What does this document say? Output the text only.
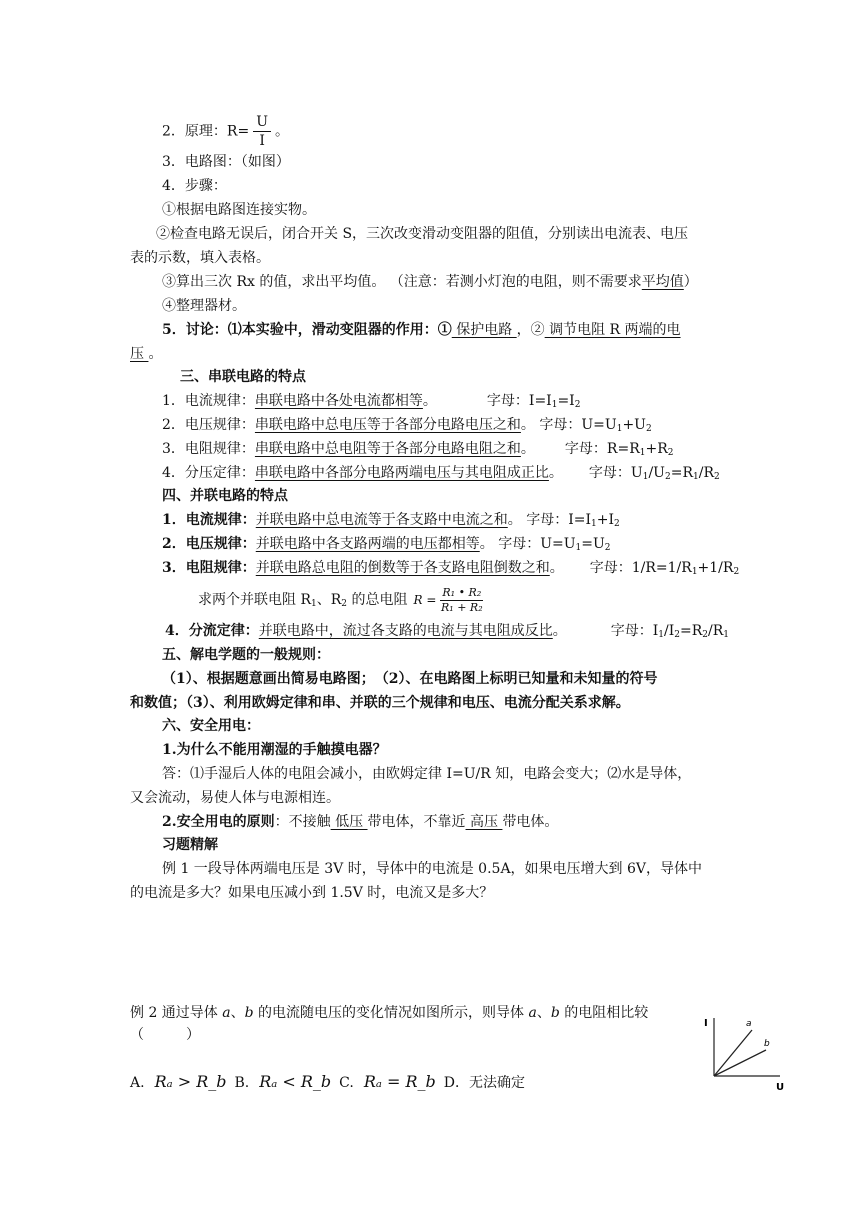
2．原理：$R= \frac{U}{I}$ 。
3．电路图：（如图）
4．步骤：
①根据电路图连接实物。
②检查电路无误后，闭合开关 S，三次改变滑动变阻器的阻值，分别读出电流表、电压
表的示数，填入表格。
③算出三次 Rx 的值，求出平均值。 （注意：若测小灯泡的电阻，则不需要求平均值）
④整理器材。
5．讨论：⑴本实验中，滑动变阻器的作用：① 保护电路 ，② 调节电阻 R 两端的电
压 。
三、串联电路的特点
1．电流规律：串联电路中各处电流都相等。	字母：$I=I_1=I_2$
2．电压规律：串联电路中总电压等于各部分电路电压之和。 字母：$U=U_1+U_2$
3．电阻规律：串联电路中总电阻等于各部分电路电阻之和。 字母：$R=R_1+R_2$
4．分压定律：串联电路中各部分电路两端电压与其电阻成正比。 字母：$U_1/U_2=R_1/R_2$
四、并联电路的特点
1．电流规律：并联电路中总电流等于各支路中电流之和。 字母：$I=I_1+I_2$
2．电压规律：并联电路中各支路两端的电压都相等。 字母：$U=U_1=U_2$
3．电阻规律：并联电路总电阻的倒数等于各支路电阻倒数之和。 字母：$1/R=1/R_1+1/R_2$
求两个并联电阻 $R_1$、$R_2$ 的总电阻 $R = \frac{\text{R₁ • R₂}}{\text{R₁ + R₂}}$
4．分流定律：并联电路中，流过各支路的电流与其电阻成反比。	字母：$I_1/I_2=R_2/R_1$
五、解电学题的一般规则：
（1）、根据题意画出简易电路图；　（2）、在电路图上标明已知量和未知量的符号
和数值；（3）、利用欧姆定律和串、并联的三个规律和电压、电流分配关系求解。
六、安全用电：
1.为什么不能用潮湿的手触摸电器？
答：⑴手湿后人体的电阻会减小，由欧姆定律 I=U/R 知，电路会变大；⑵水是导体，
又会流动，易使人体与电源相连。
2.安全用电的原则：不接触 低压 带电体，不靠近 高压 带电体。
习题精解
例 1 一段导体两端电压是 3V 时，导体中的电流是 0.5A，如果电压增大到 6V，导体中
的电流是多大？如果电压减小到 1.5V 时，电流又是多大？
例 2 通过导体 a、b 的电流随电压的变化情况如图所示，则导体 a、b 的电阻相比较
（　　　）
A. Rₐ > R_b B. Rₐ < R_b C. Rₐ = R_b D．无法确定
I
U
a
b
